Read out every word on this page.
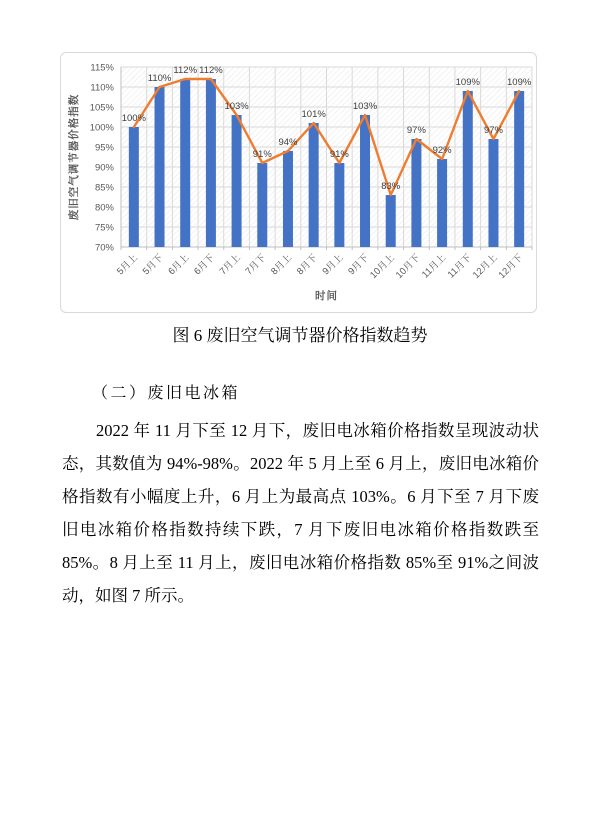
70%
75%
80%
85%
90%
95%
100%
105%
110%
115%
100%
110%
112% 112%
103%
91%
94%
101%
91%
103%
83%
97%
92%
109%
97%
109%
5月上 5月下 6月上 6月下 7月上 7月下 8月上 8月下 9月上 9月下
10月上
10月下
11月上
11月下
12月上
12月下
废旧空气调节器价格指数
时间

图 6 废旧空气调节器价格指数趋势

（二）废旧电冰箱

2022 年 11 月下至 12 月下，废旧电冰箱价格指数呈现波动状态，其数值为 94%-98%。2022 年 5 月上至 6 月上，废旧电冰箱价格指数有小幅度上升，6 月上为最高点 103%。6 月下至 7 月下废旧电冰箱价格指数持续下跌，7 月下废旧电冰箱价格指数跌至 85%。8 月上至 11 月上，废旧电冰箱价格指数 85%至 91%之间波动，如图 7 所示。
